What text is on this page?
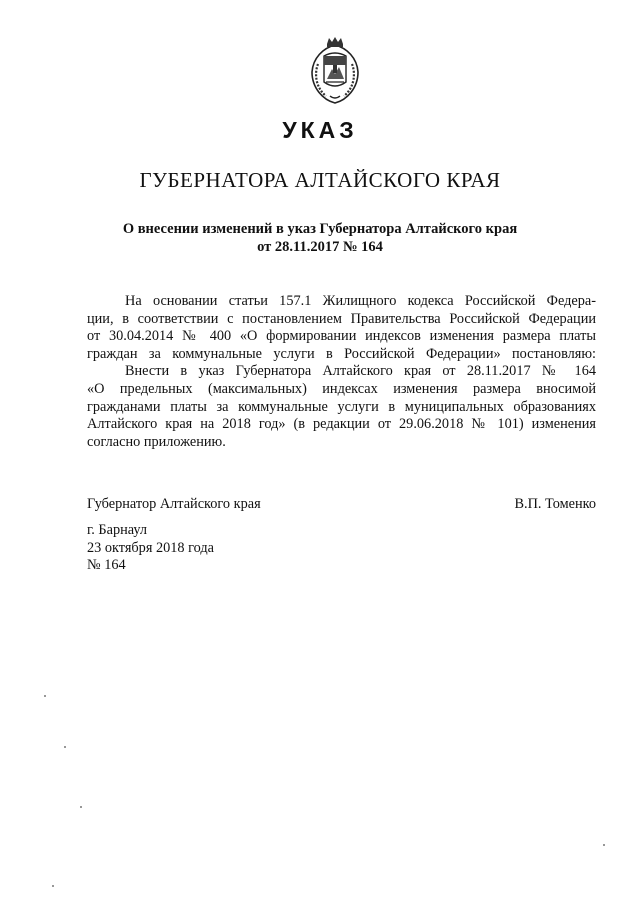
УКАЗ
ГУБЕРНАТОРА АЛТАЙСКОГО КРАЯ
О внесении изменений в указ Губернатора Алтайского края
от 28.11.2017 № 164
На основании статьи 157.1 Жилищного кодекса Российской Федера-
ции, в соответствии с постановлением Правительства Российской Федерации
от 30.04.2014 № 400 «О формировании индексов изменения размера платы
граждан за коммунальные услуги в Российской Федерации» постановляю:
Внести в указ Губернатора Алтайского края от 28.11.2017 № 164
«О предельных (максимальных) индексах изменения размера вносимой
гражданами платы за коммунальные услуги в муниципальных образованиях
Алтайского края на 2018 год» (в редакции от 29.06.2018 № 101) изменения
согласно приложению.
Губернатор Алтайского края	В.П. Томенко
г. Барнаул
23 октября 2018 года
№ 164
